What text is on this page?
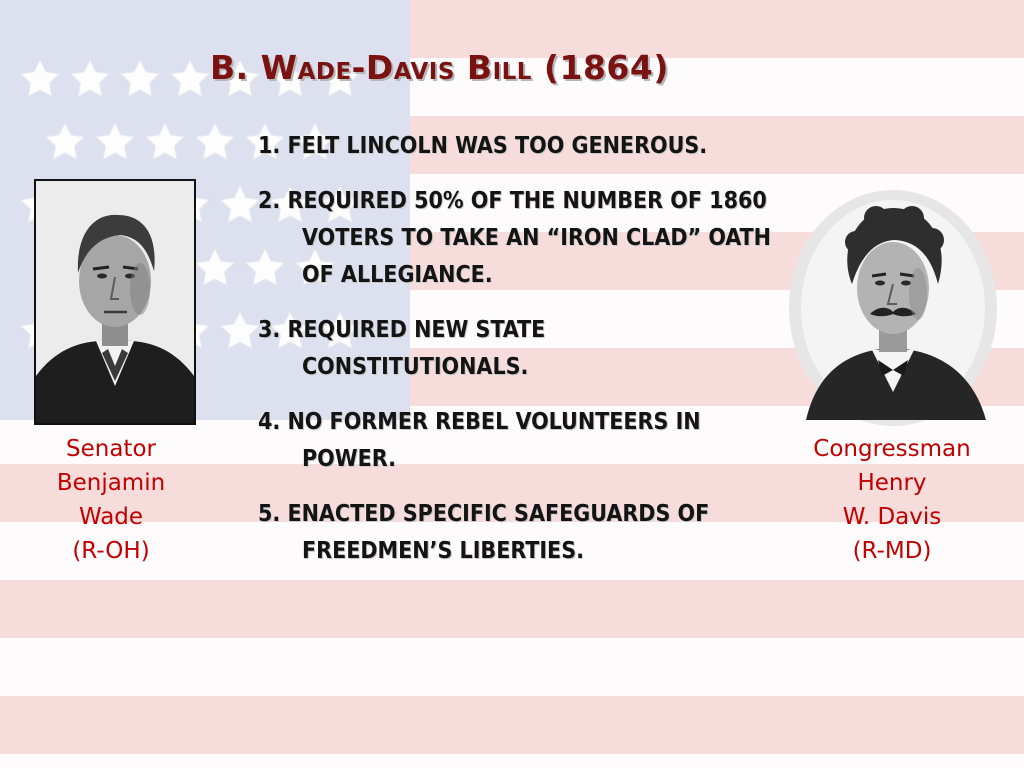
B. Wade-Davis Bill (1864)
1. FELT LINCOLN WAS TOO GENEROUS.
2. REQUIRED 50% OF THE NUMBER OF 1860 VOTERS TO TAKE AN “IRON CLAD” OATH OF ALLEGIANCE.
3. REQUIRED NEW STATE CONSTITUTIONALS.
4. NO FORMER REBEL VOLUNTEERS IN POWER.
5. ENACTED SPECIFIC SAFEGUARDS OF FREEDMEN’S LIBERTIES.

Senator
Benjamin
Wade
(R-OH)

Congressman
Henry
W. Davis
(R-MD)
